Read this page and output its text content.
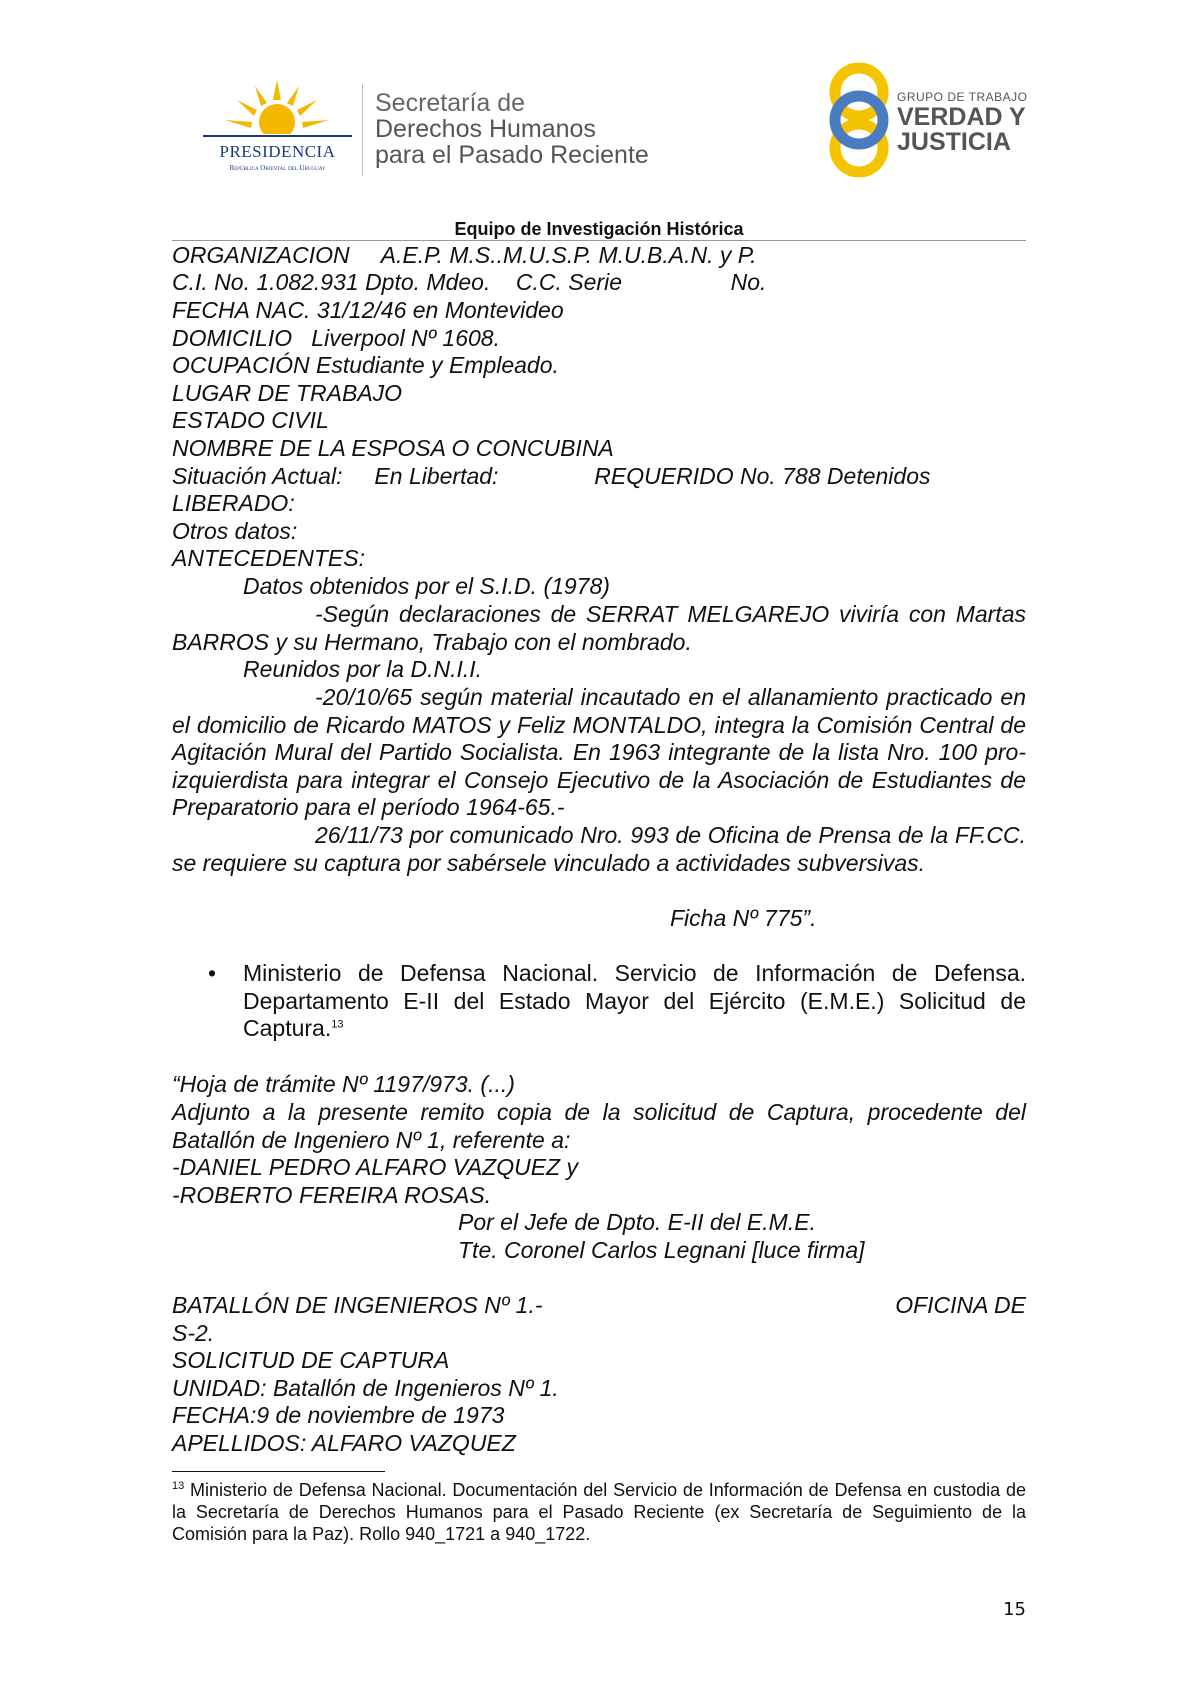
PRESIDENCIA
República Oriental del Uruguay
Secretaría de
Derechos Humanos
para el Pasado Reciente
GRUPO DE TRABAJO
VERDAD Y
JUSTICIA
Equipo de Investigación Histórica
ORGANIZACION     A.E.P. M.S..M.U.S.P. M.U.B.A.N. y P.
C.I. No. 1.082.931 Dpto. Mdeo.    C.C. Serie                 No.
FECHA NAC. 31/12/46 en Montevideo
DOMICILIO   Liverpool Nº 1608.
OCUPACIÓN Estudiante y Empleado.
LUGAR DE TRABAJO
ESTADO CIVIL
NOMBRE DE LA ESPOSA O CONCUBINA
Situación Actual:     En Libertad:               REQUERIDO No. 788 Detenidos
LIBERADO:
Otros datos:
ANTECEDENTES:
Datos obtenidos por el S.I.D. (1978)
-Según declaraciones de SERRAT MELGAREJO viviría con Martas BARROS y su Hermano, Trabajo con el nombrado.
Reunidos por la D.N.I.I.
-20/10/65 según material incautado en el allanamiento practicado en el domicilio de Ricardo MATOS y Feliz MONTALDO, integra la Comisión Central de Agitación Mural del Partido Socialista. En 1963 integrante de la lista Nro. 100 pro-izquierdista para integrar el Consejo Ejecutivo de la Asociación de Estudiantes de Preparatorio para el período 1964-65.-
26/11/73 por comunicado Nro. 993 de Oficina de Prensa de la FF.CC. se requiere su captura por sabérsele vinculado a actividades subversivas.
Ficha Nº 775”.
• Ministerio de Defensa Nacional. Servicio de Información de Defensa. Departamento E-II del Estado Mayor del Ejército (E.M.E.) Solicitud de Captura.$^{13}$
“Hoja de trámite Nº 1197/973. (...)
Adjunto a la presente remito copia de la solicitud de Captura, procedente del Batallón de Ingeniero Nº 1, referente a:
-DANIEL PEDRO ALFARO VAZQUEZ y
-ROBERTO FEREIRA ROSAS.
Por el Jefe de Dpto. E-II del E.M.E.
Tte. Coronel Carlos Legnani [luce firma]
BATALLÓN DE INGENIEROS Nº 1.-	OFICINA DE
S-2.
SOLICITUD DE CAPTURA
UNIDAD: Batallón de Ingenieros Nº 1.
FECHA:9 de noviembre de 1973
APELLIDOS: ALFARO VAZQUEZ
$^{13}$ Ministerio de Defensa Nacional. Documentación del Servicio de Información de Defensa en custodia de la Secretaría de Derechos Humanos para el Pasado Reciente (ex Secretaría de Seguimiento de la Comisión para la Paz). Rollo 940_1721 a 940_1722.
15
